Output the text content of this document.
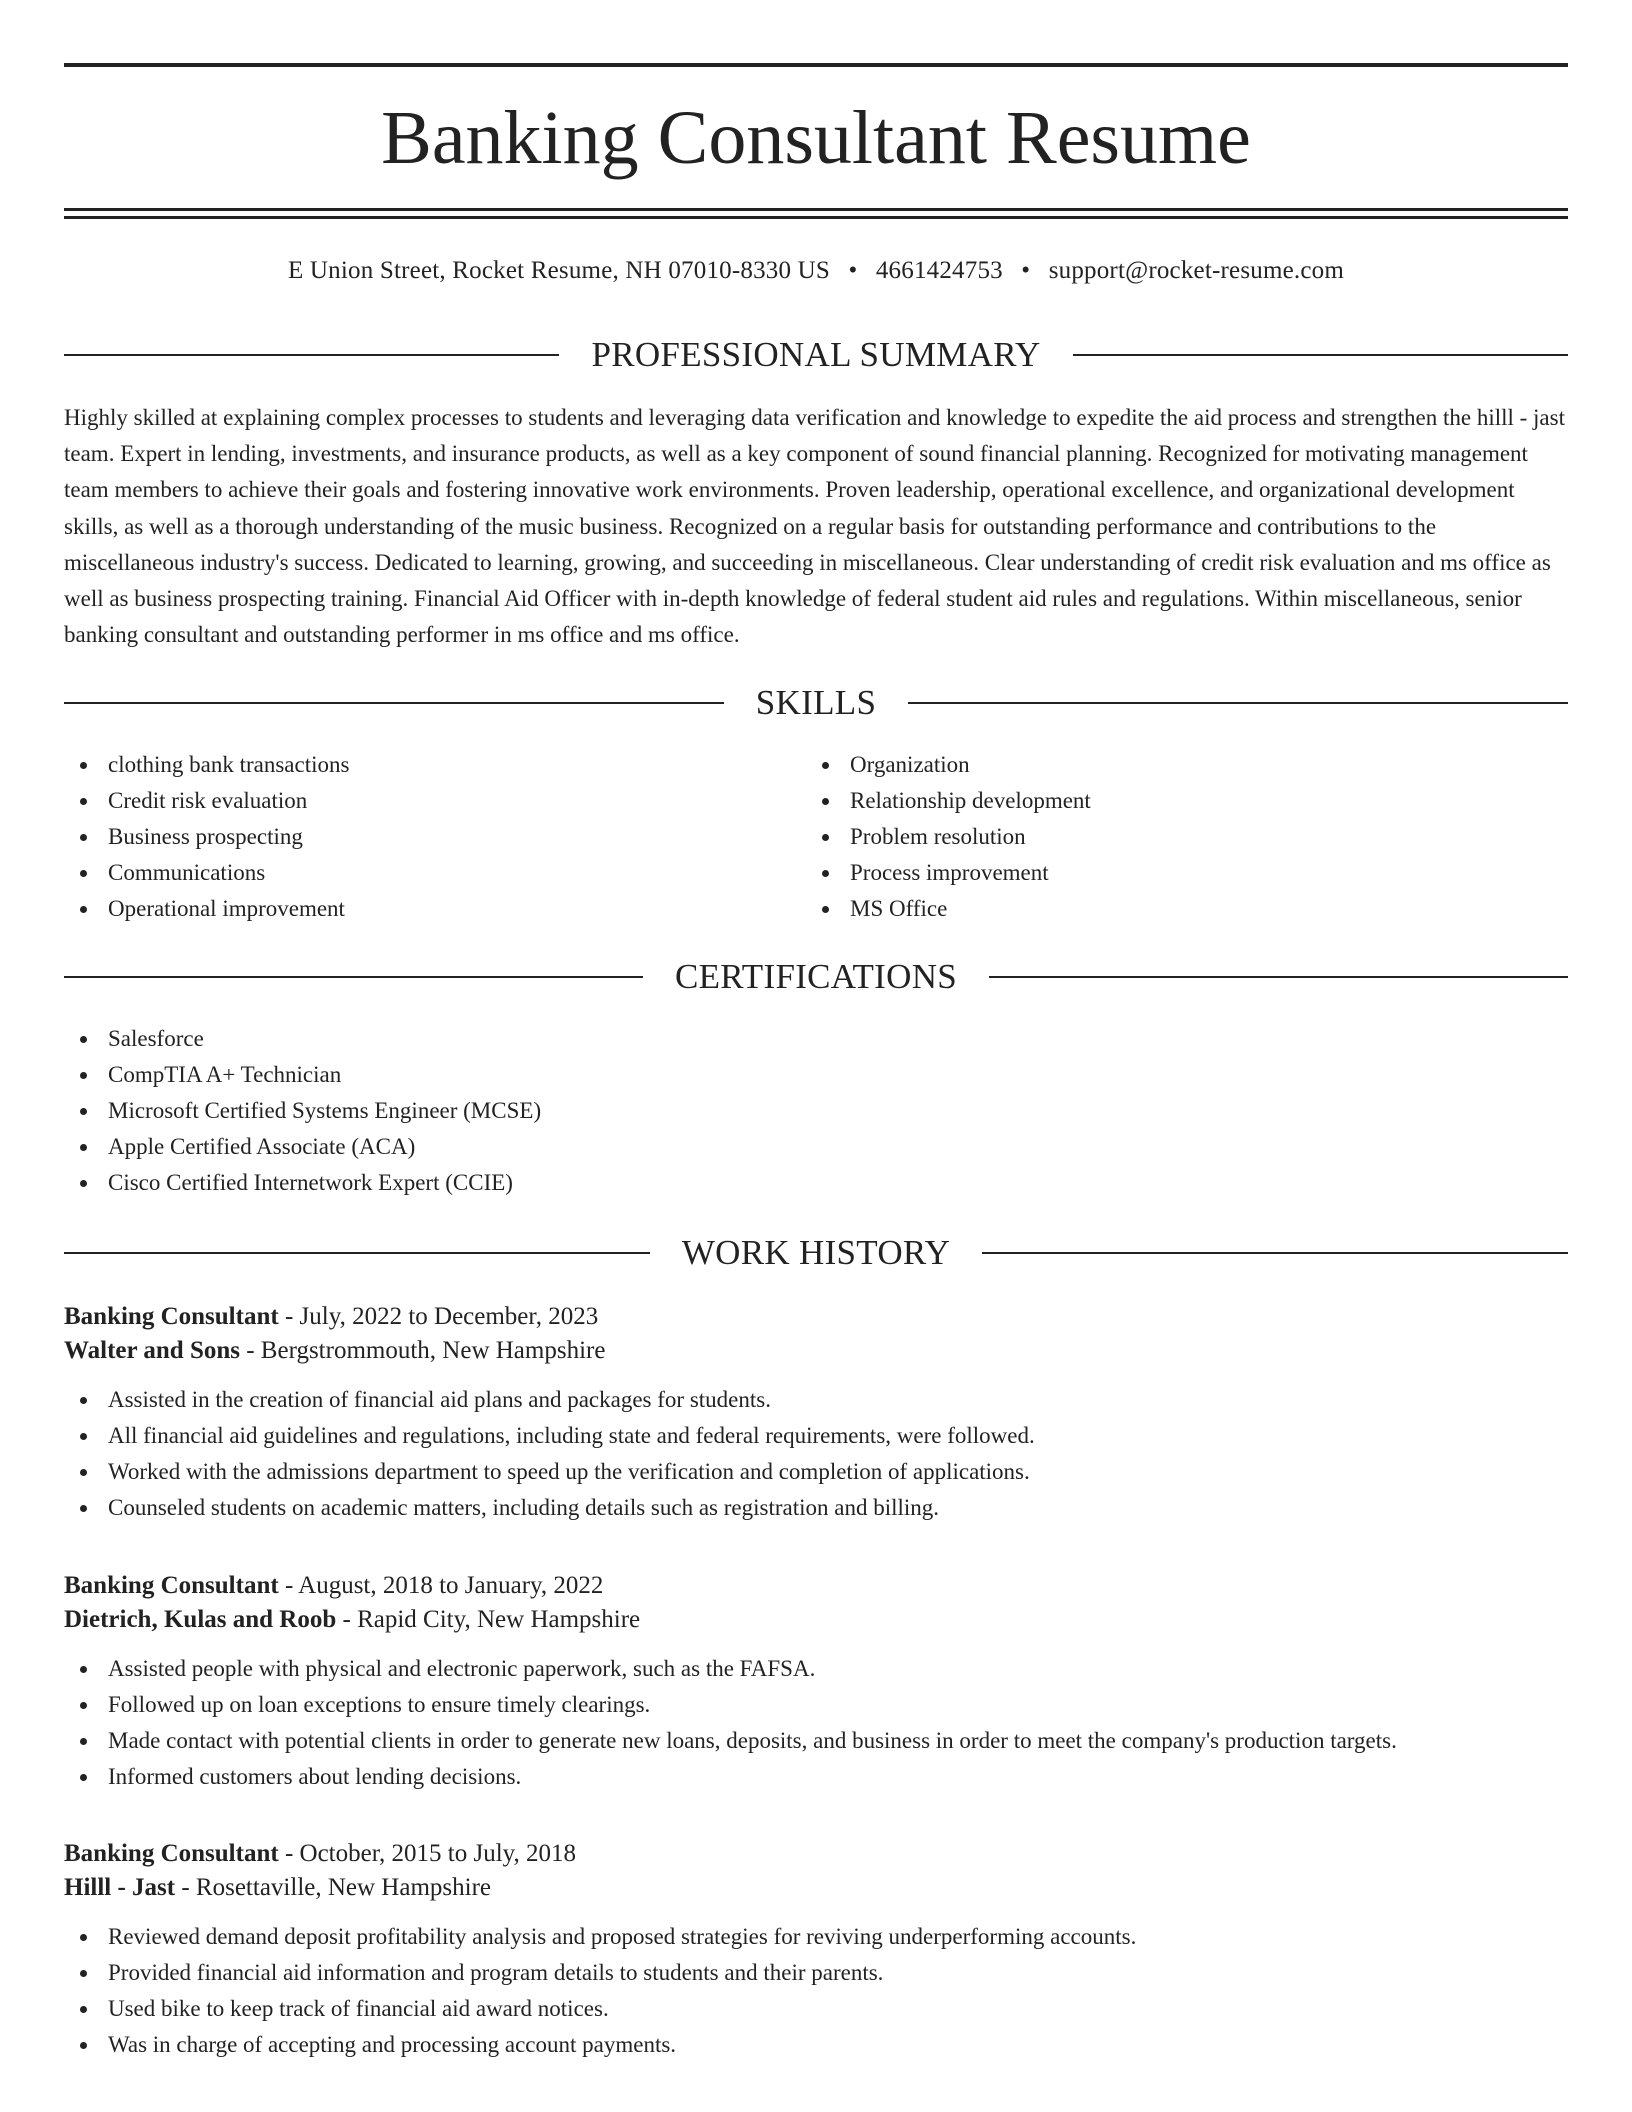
Banking Consultant Resume
E Union Street, Rocket Resume, NH 07010-8330 US • 4661424753 • support@rocket-resume.com
PROFESSIONAL SUMMARY

Highly skilled at explaining complex processes to students and leveraging data verification and knowledge to expedite the aid process and strengthen the hilll - jast team. Expert in lending, investments, and insurance products, as well as a key component of sound financial planning. Recognized for motivating management team members to achieve their goals and fostering innovative work environments. Proven leadership, operational excellence, and organizational development skills, as well as a thorough understanding of the music business. Recognized on a regular basis for outstanding performance and contributions to the miscellaneous industry's success. Dedicated to learning, growing, and succeeding in miscellaneous. Clear understanding of credit risk evaluation and ms office as well as business prospecting training. Financial Aid Officer with in-depth knowledge of federal student aid rules and regulations. Within miscellaneous, senior banking consultant and outstanding performer in ms office and ms office.

SKILLS
clothing bank transactions
Credit risk evaluation
Business prospecting
Communications
Operational improvement
Organization
Relationship development
Problem resolution
Process improvement
MS Office
CERTIFICATIONS
Salesforce
CompTIA A+ Technician
Microsoft Certified Systems Engineer (MCSE)
Apple Certified Associate (ACA)
Cisco Certified Internetwork Expert (CCIE)
WORK HISTORY
Banking Consultant - July, 2022 to December, 2023
Walter and Sons - Bergstrommouth, New Hampshire
Assisted in the creation of financial aid plans and packages for students.
All financial aid guidelines and regulations, including state and federal requirements, were followed.
Worked with the admissions department to speed up the verification and completion of applications.
Counseled students on academic matters, including details such as registration and billing.
Banking Consultant - August, 2018 to January, 2022
Dietrich, Kulas and Roob - Rapid City, New Hampshire
Assisted people with physical and electronic paperwork, such as the FAFSA.
Followed up on loan exceptions to ensure timely clearings.
Made contact with potential clients in order to generate new loans, deposits, and business in order to meet the company's production targets.
Informed customers about lending decisions.
Banking Consultant - October, 2015 to July, 2018
Hilll - Jast - Rosettaville, New Hampshire
Reviewed demand deposit profitability analysis and proposed strategies for reviving underperforming accounts.
Provided financial aid information and program details to students and their parents.
Used bike to keep track of financial aid award notices.
Was in charge of accepting and processing account payments.
